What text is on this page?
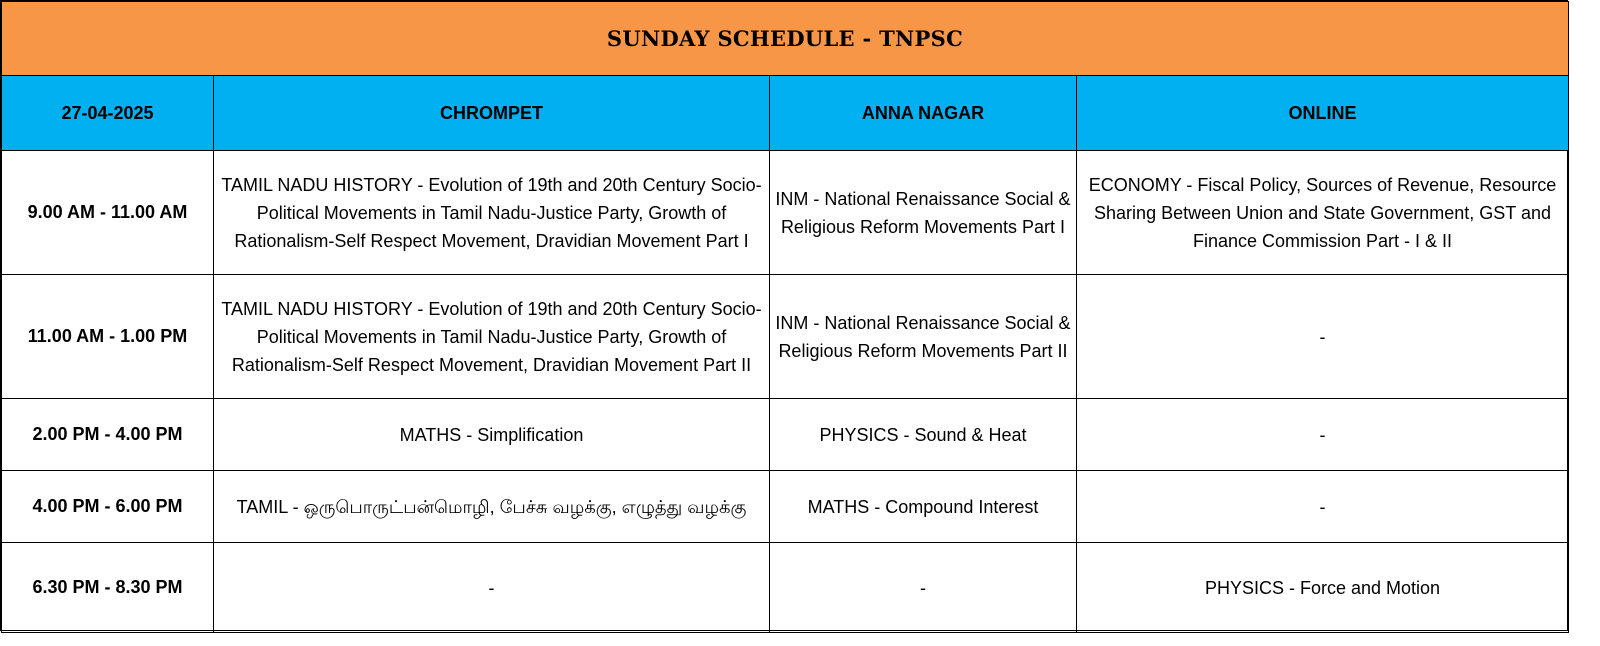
SUNDAY SCHEDULE - TNPSC			
27-04-2025	CHROMPET	ANNA NAGAR	ONLINE
9.00 AM - 11.00 AM	TAMIL NADU HISTORY - Evolution of 19th and 20th Century Socio-Political Movements in Tamil Nadu-Justice Party, Growth of Rationalism-Self Respect Movement, Dravidian Movement Part I	INM - National Renaissance Social & Religious Reform Movements Part I	ECONOMY - Fiscal Policy, Sources of Revenue, Resource Sharing Between Union and State Government, GST and Finance Commission Part - I & II
11.00 AM - 1.00 PM	TAMIL NADU HISTORY - Evolution of 19th and 20th Century Socio-Political Movements in Tamil Nadu-Justice Party, Growth of Rationalism-Self Respect Movement, Dravidian Movement Part II	INM - National Renaissance Social & Religious Reform Movements Part II	-
2.00 PM - 4.00 PM	MATHS - Simplification	PHYSICS - Sound & Heat	-
4.00 PM - 6.00 PM	TAMIL - ஒருபொருட்பன்மொழி, பேச்சு வழக்கு, எழுத்து வழக்கு	MATHS - Compound Interest	-
6.30 PM - 8.30 PM	-	-	PHYSICS - Force and Motion
